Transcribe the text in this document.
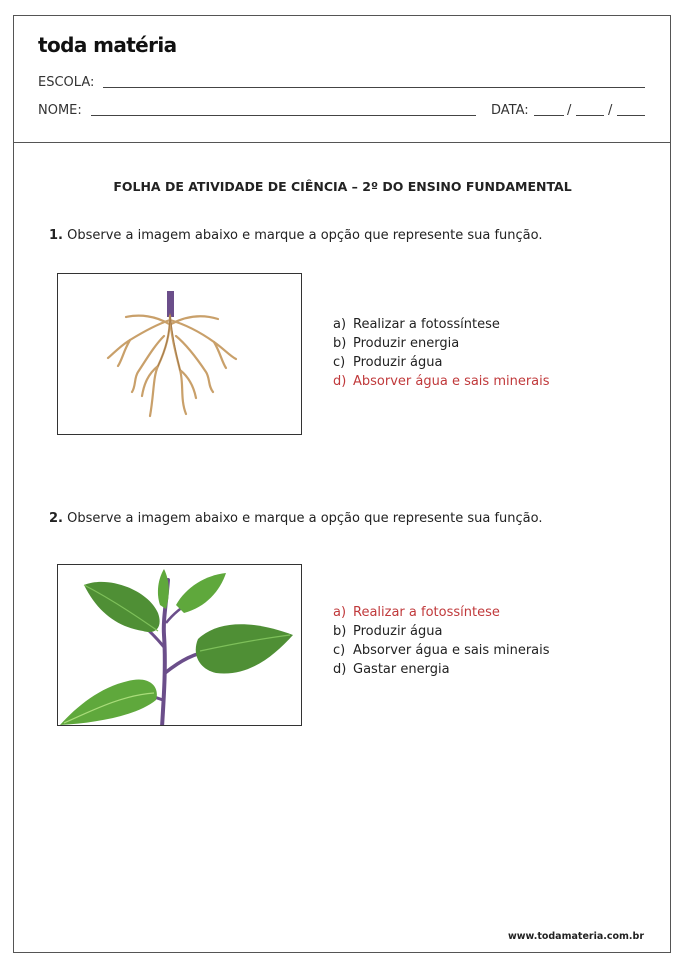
toda matéria
ESCOLA:
NOME:	DATA:	/	/
FOLHA DE ATIVIDADE DE CIÊNCIA – 2º DO ENSINO FUNDAMENTAL
1. Observe a imagem abaixo e marque a opção que represente sua função.
a) Realizar a fotossíntese
b) Produzir energia
c) Produzir água
d) Absorver água e sais minerais
2. Observe a imagem abaixo e marque a opção que represente sua função.
a) Realizar a fotossíntese
b) Produzir água
c) Absorver água e sais minerais
d) Gastar energia
www.todamateria.com.br
